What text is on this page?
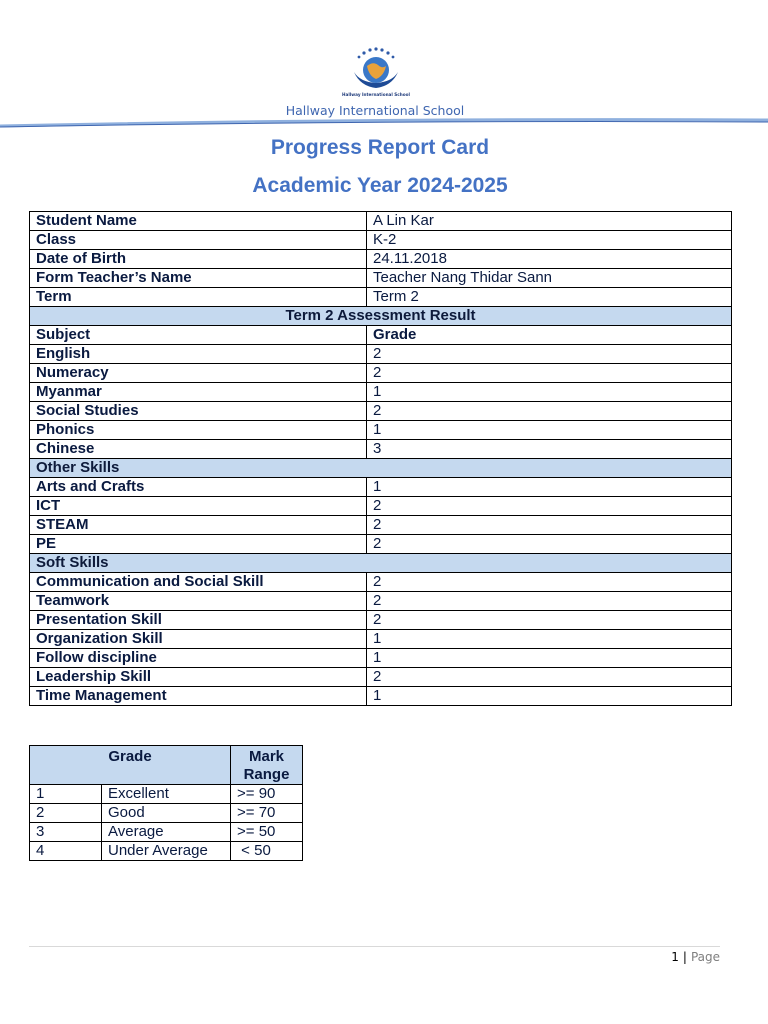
Hallway International School
Hallway International School
Progress Report Card
Academic Year 2024-2025
Student Name	A Lin Kar
Class	K-2
Date of Birth	24.11.2018
Form Teacher’s Name	Teacher Nang Thidar Sann
Term	Term 2
Term 2 Assessment Result	
Subject	Grade
English	2
Numeracy	2
Myanmar	1
Social Studies	2
Phonics	1
Chinese	3
Other Skills	
Arts and Crafts	1
ICT	2
STEAM	2
PE	2
Soft Skills	
Communication and Social Skill	2
Teamwork	2
Presentation Skill	2
Organization Skill	1
Follow discipline	1
Leadership Skill	2
Time Management	1
Grade		Mark
Range

1	Excellent	>= 90
2	Good	>= 70
3	Average	>= 50
4	Under Average	< 50
1 | Page
